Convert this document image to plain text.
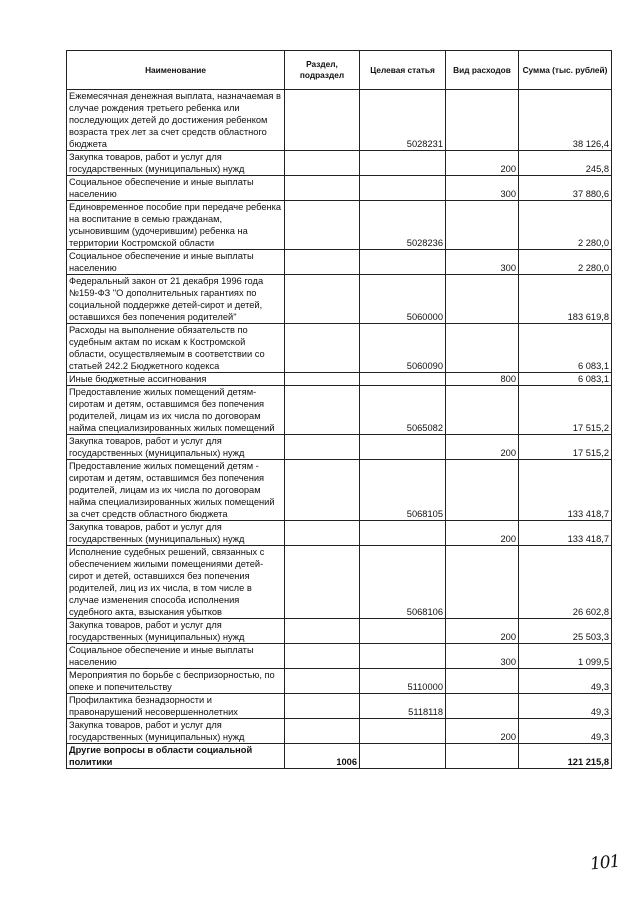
Наименование	Раздел, подраздел	Целевая статья	Вид расходов	Сумма (тыс. рублей)
Ежемесячная денежная выплата, назначаемая в случае рождения третьего ребенка или последующих детей до достижения ребенком возраста трех лет за счет средств областного бюджета		5028231		38 126,4
Закупка товаров, работ и услуг для государственных (муниципальных) нужд			200	245,8
Социальное обеспечение и иные выплаты населению			300	37 880,6
Единовременное пособие при передаче ребенка на воспитание в семью гражданам, усыновившим (удочерившим) ребенка на территории Костромской области		5028236		2 280,0
Социальное обеспечение и иные выплаты населению			300	2 280,0
Федеральный закон от 21 декабря 1996 года №159-ФЗ "О дополнительных гарантиях по социальной поддержке детей-сирот и детей, оставшихся без попечения родителей"		5060000		183 619,8
Расходы на выполнение обязательств по судебным актам по искам к Костромской области, осуществляемым в соответствии со статьей 242.2 Бюджетного кодекса		5060090		6 083,1
Иные бюджетные ассигнования			800	6 083,1
Предоставление жилых помещений детям-сиротам и детям, оставшимся без попечения родителей, лицам из их числа по договорам найма специализированных жилых помещений		5065082		17 515,2
Закупка товаров, работ и услуг для государственных (муниципальных) нужд			200	17 515,2
Предоставление жилых помещений детям - сиротам и детям, оставшимся без попечения родителей, лицам из их числа по договорам найма специализированных жилых помещений за счет средств областного бюджета		5068105		133 418,7
Закупка товаров, работ и услуг для государственных (муниципальных) нужд			200	133 418,7
Исполнение судебных решений, связанных с обеспечением жилыми помещениями детей-сирот и детей, оставшихся без попечения родителей, лиц из их числа, в том числе в случае изменения способа исполнения судебного акта, взыскания убытков		5068106		26 602,8
Закупка товаров, работ и услуг для государственных (муниципальных) нужд			200	25 503,3
Социальное обеспечение и иные выплаты населению			300	1 099,5
Мероприятия по борьбе с беспризорностью, по опеке и попечительству		5110000		49,3
Профилактика безнадзорности и правонарушений несовершеннолетних		5118118		49,3
Закупка товаров, работ и услуг для государственных (муниципальных) нужд			200	49,3
Другие вопросы в области социальной политики	1006			121 215,8
101
